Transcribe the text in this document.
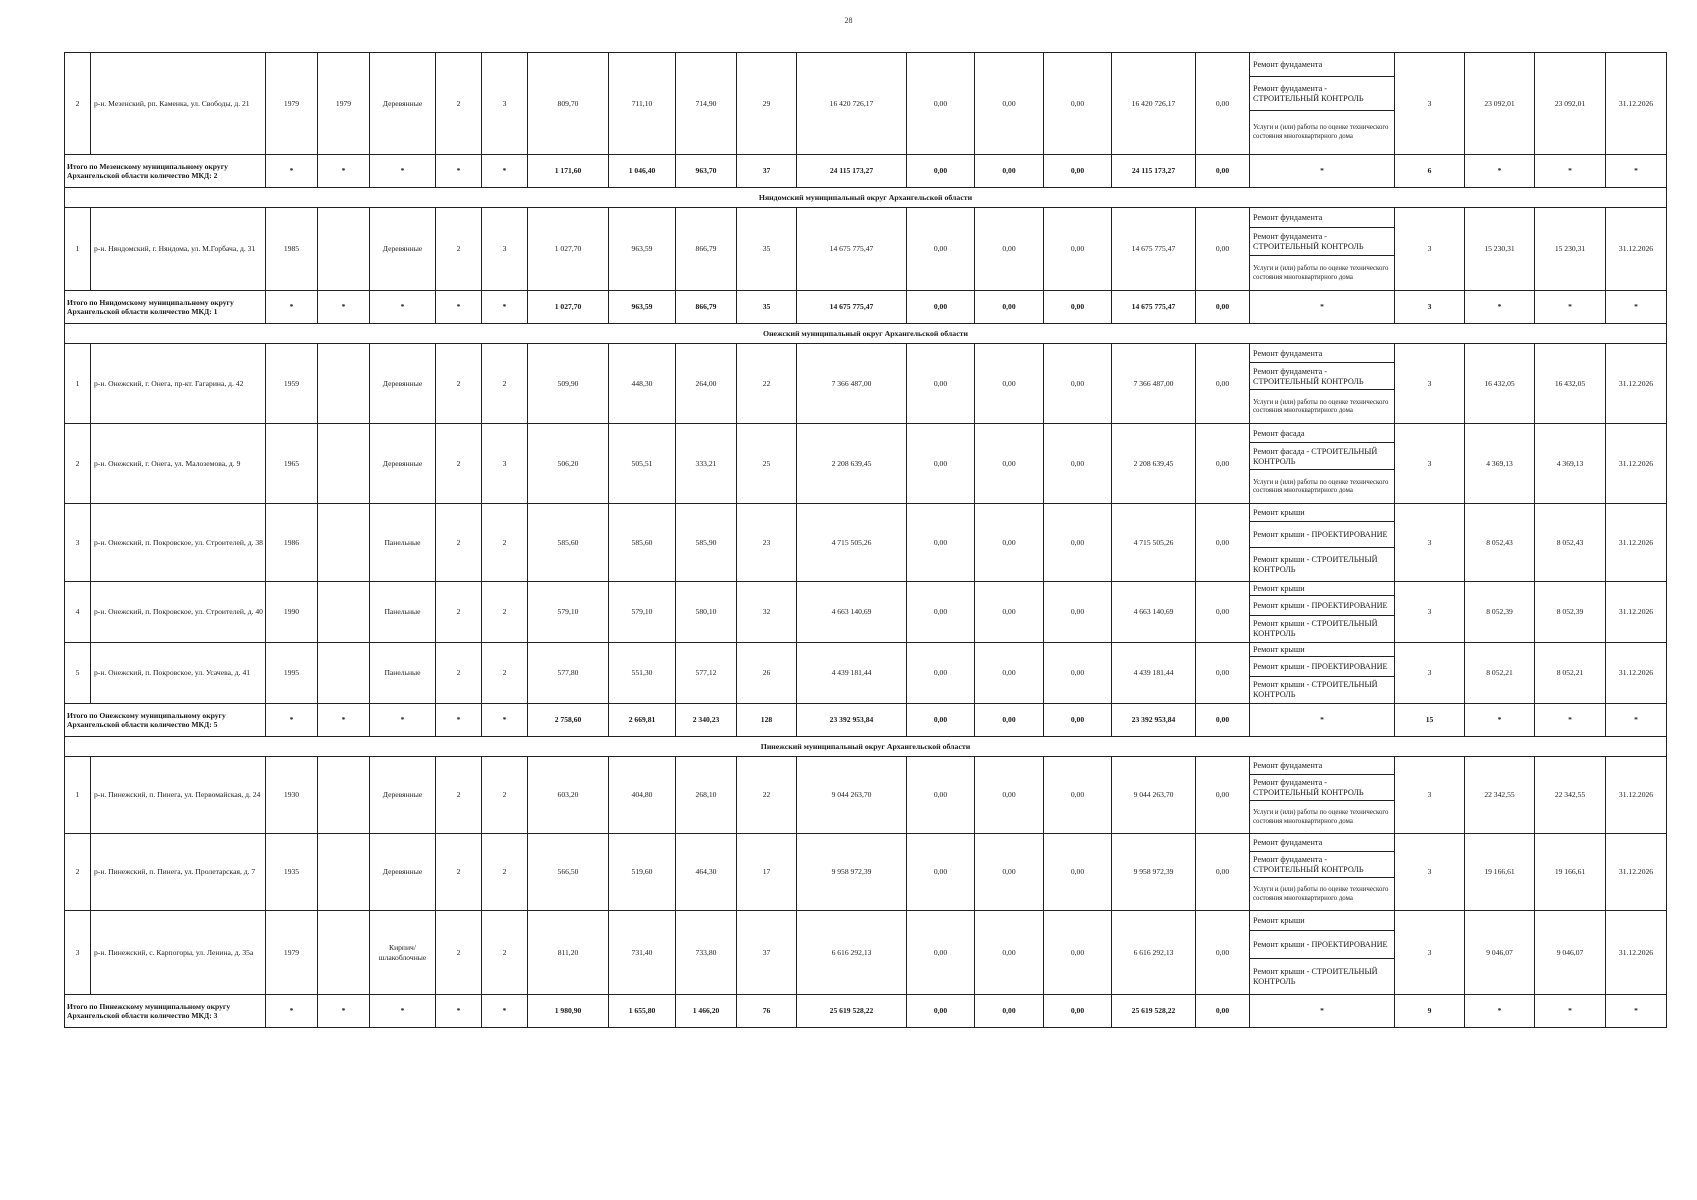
28
2	р-н. Мезенский, рп. Каменка, ул. Свободы, д. 21	1979	1979	Деревянные	2	3	809,70	711,10	714,90	29	16 420 726,17	0,00	0,00	0,00	16 420 726,17	0,00	Ремонт фундамента
Ремонт фундамента - СТРОИТЕЛЬНЫЙ КОНТРОЛЬ
Услуги и (или) работы по оценке технического состояния многоквартирного дома	3	23 092,01	23 092,01	31.12.2026
Итого по Мезенскому муниципальному округу Архангельской области количество МКД: 2		*	*	*	*	*	1 171,60	1 046,40	963,70	37	24 115 173,27	0,00	0,00	0,00	24 115 173,27	0,00	*	6	*	*	*
Няндомский муниципальный округ Архангельской области																					
1	р-н. Няндомский, г. Няндома, ул. М.Горбача, д. 31	1985		Деревянные	2	3	1 027,70	963,59	866,79	35	14 675 775,47	0,00	0,00	0,00	14 675 775,47	0,00	Ремонт фундамента
Ремонт фундамента - СТРОИТЕЛЬНЫЙ КОНТРОЛЬ
Услуги и (или) работы по оценке технического состояния многоквартирного дома	3	15 230,31	15 230,31	31.12.2026
Итого по Няндомскому муниципальному округу Архангельской области количество МКД: 1		*	*	*	*	*	1 027,70	963,59	866,79	35	14 675 775,47	0,00	0,00	0,00	14 675 775,47	0,00	*	3	*	*	*
Онежский муниципальный округ Архангельской области																					
1	р-н. Онежский, г. Онега, пр-кт. Гагарина, д. 42	1959		Деревянные	2	2	509,90	448,30	264,00	22	7 366 487,00	0,00	0,00	0,00	7 366 487,00	0,00	Ремонт фундамента
Ремонт фундамента - СТРОИТЕЛЬНЫЙ КОНТРОЛЬ
Услуги и (или) работы по оценке технического состояния многоквартирного дома	3	16 432,05	16 432,05	31.12.2026
2	р-н. Онежский, г. Онега, ул. Малоземова, д. 9	1965		Деревянные	2	3	506,20	505,51	333,21	25	2 208 639,45	0,00	0,00	0,00	2 208 639,45	0,00	Ремонт фасада
Ремонт фасада - СТРОИТЕЛЬНЫЙ КОНТРОЛЬ
Услуги и (или) работы по оценке технического состояния многоквартирного дома	3	4 369,13	4 369,13	31.12.2026
3	р-н. Онежский, п. Покровское, ул. Строителей, д. 38	1986		Панельные	2	2	585,60	585,60	585,90	23	4 715 505,26	0,00	0,00	0,00	4 715 505,26	0,00	Ремонт крыши
Ремонт крыши - ПРОЕКТИРОВАНИЕ
Ремонт крыши - СТРОИТЕЛЬНЫЙ КОНТРОЛЬ	3	8 052,43	8 052,43	31.12.2026
4	р-н. Онежский, п. Покровское, ул. Строителей, д. 40	1990		Панельные	2	2	579,10	579,10	580,10	32	4 663 140,69	0,00	0,00	0,00	4 663 140,69	0,00	Ремонт крыши
Ремонт крыши - ПРОЕКТИРОВАНИЕ
Ремонт крыши - СТРОИТЕЛЬНЫЙ КОНТРОЛЬ	3	8 052,39	8 052,39	31.12.2026
5	р-н. Онежский, п. Покровское, ул. Усачева, д. 41	1995		Панельные	2	2	577,80	551,30	577,12	26	4 439 181,44	0,00	0,00	0,00	4 439 181,44	0,00	Ремонт крыши
Ремонт крыши - ПРОЕКТИРОВАНИЕ
Ремонт крыши - СТРОИТЕЛЬНЫЙ КОНТРОЛЬ	3	8 052,21	8 052,21	31.12.2026
Итого по Онежскому муниципальному округу Архангельской области количество МКД: 5		*	*	*	*	*	2 758,60	2 669,81	2 340,23	128	23 392 953,84	0,00	0,00	0,00	23 392 953,84	0,00	*	15	*	*	*
Пинежский муниципальный округ Архангельской области																					
1	р-н. Пинежский, п. Пинега, ул. Первомайская, д. 24	1930		Деревянные	2	2	603,20	404,80	268,10	22	9 044 263,70	0,00	0,00	0,00	9 044 263,70	0,00	Ремонт фундамента
Ремонт фундамента - СТРОИТЕЛЬНЫЙ КОНТРОЛЬ
Услуги и (или) работы по оценке технического состояния многоквартирного дома	3	22 342,55	22 342,55	31.12.2026
2	р-н. Пинежский, п. Пинега, ул. Пролетарская, д. 7	1935		Деревянные	2	2	566,50	519,60	464,30	17	9 958 972,39	0,00	0,00	0,00	9 958 972,39	0,00	Ремонт фундамента
Ремонт фундамента - СТРОИТЕЛЬНЫЙ КОНТРОЛЬ
Услуги и (или) работы по оценке технического состояния многоквартирного дома	3	19 166,61	19 166,61	31.12.2026
3	р-н. Пинежский, с. Карпогоры, ул. Ленина, д. 35а	1979		Кирпич/шлакоблочные	2	2	811,20	731,40	733,80	37	6 616 292,13	0,00	0,00	0,00	6 616 292,13	0,00	Ремонт крыши
Ремонт крыши - ПРОЕКТИРОВАНИЕ
Ремонт крыши - СТРОИТЕЛЬНЫЙ КОНТРОЛЬ	3	9 046,07	9 046,07	31.12.2026
Итого по Пинежскому муниципальному округу Архангельской области количество МКД: 3		*	*	*	*	*	1 980,90	1 655,80	1 466,20	76	25 619 528,22	0,00	0,00	0,00	25 619 528,22	0,00	*	9	*	*	*
